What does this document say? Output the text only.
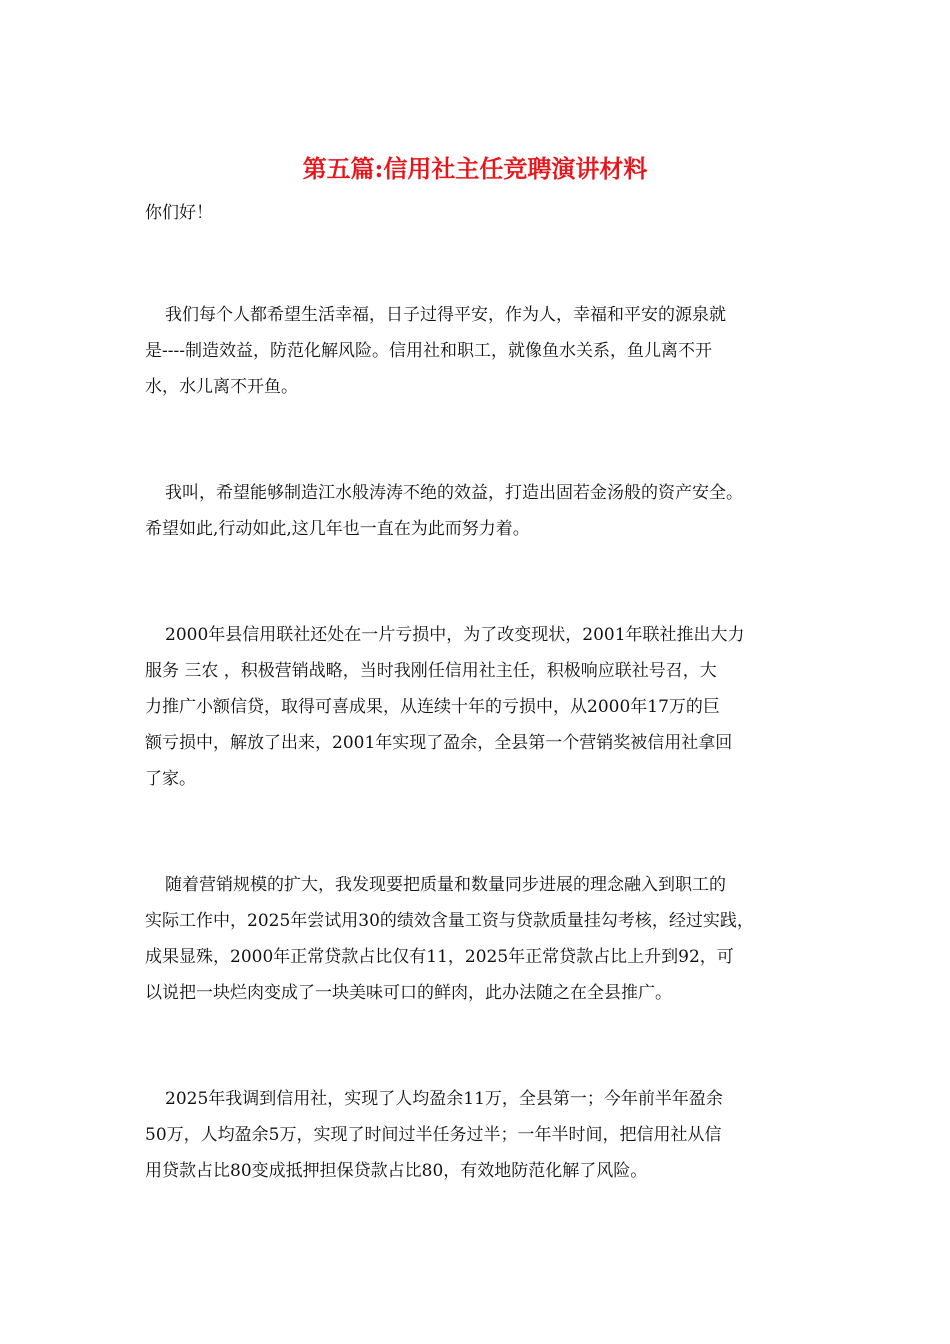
第五篇:信用社主任竞聘演讲材料

你们好！

我们每个人都希望生活幸福，日子过得平安，作为人，幸福和平安的源泉就
是----制造效益，防范化解风险。信用社和职工，就像鱼水关系，鱼儿离不开
水，水儿离不开鱼。

我叫，希望能够制造江水般涛涛不绝的效益，打造出固若金汤般的资产安全。
希望如此,行动如此,这几年也一直在为此而努力着。

2000年县信用联社还处在一片亏损中，为了改变现状，2001年联社推出大力
服务 三农 ，积极营销战略，当时我刚任信用社主任，积极响应联社号召，大
力推广小额信贷，取得可喜成果，从连续十年的亏损中，从2000年17万的巨
额亏损中，解放了出来，2001年实现了盈余，全县第一个营销奖被信用社拿回
了家。

随着营销规模的扩大，我发现要把质量和数量同步进展的理念融入到职工的
实际工作中，2025年尝试用30的绩效含量工资与贷款质量挂勾考核，经过实践，
成果显殊，2000年正常贷款占比仅有11，2025年正常贷款占比上升到92，可
以说把一块烂肉变成了一块美味可口的鲜肉，此办法随之在全县推广。

2025年我调到信用社，实现了人均盈余11万，全县第一；今年前半年盈余
50万，人均盈余5万，实现了时间过半任务过半；一年半时间，把信用社从信
用贷款占比80变成抵押担保贷款占比80，有效地防范化解了风险。
